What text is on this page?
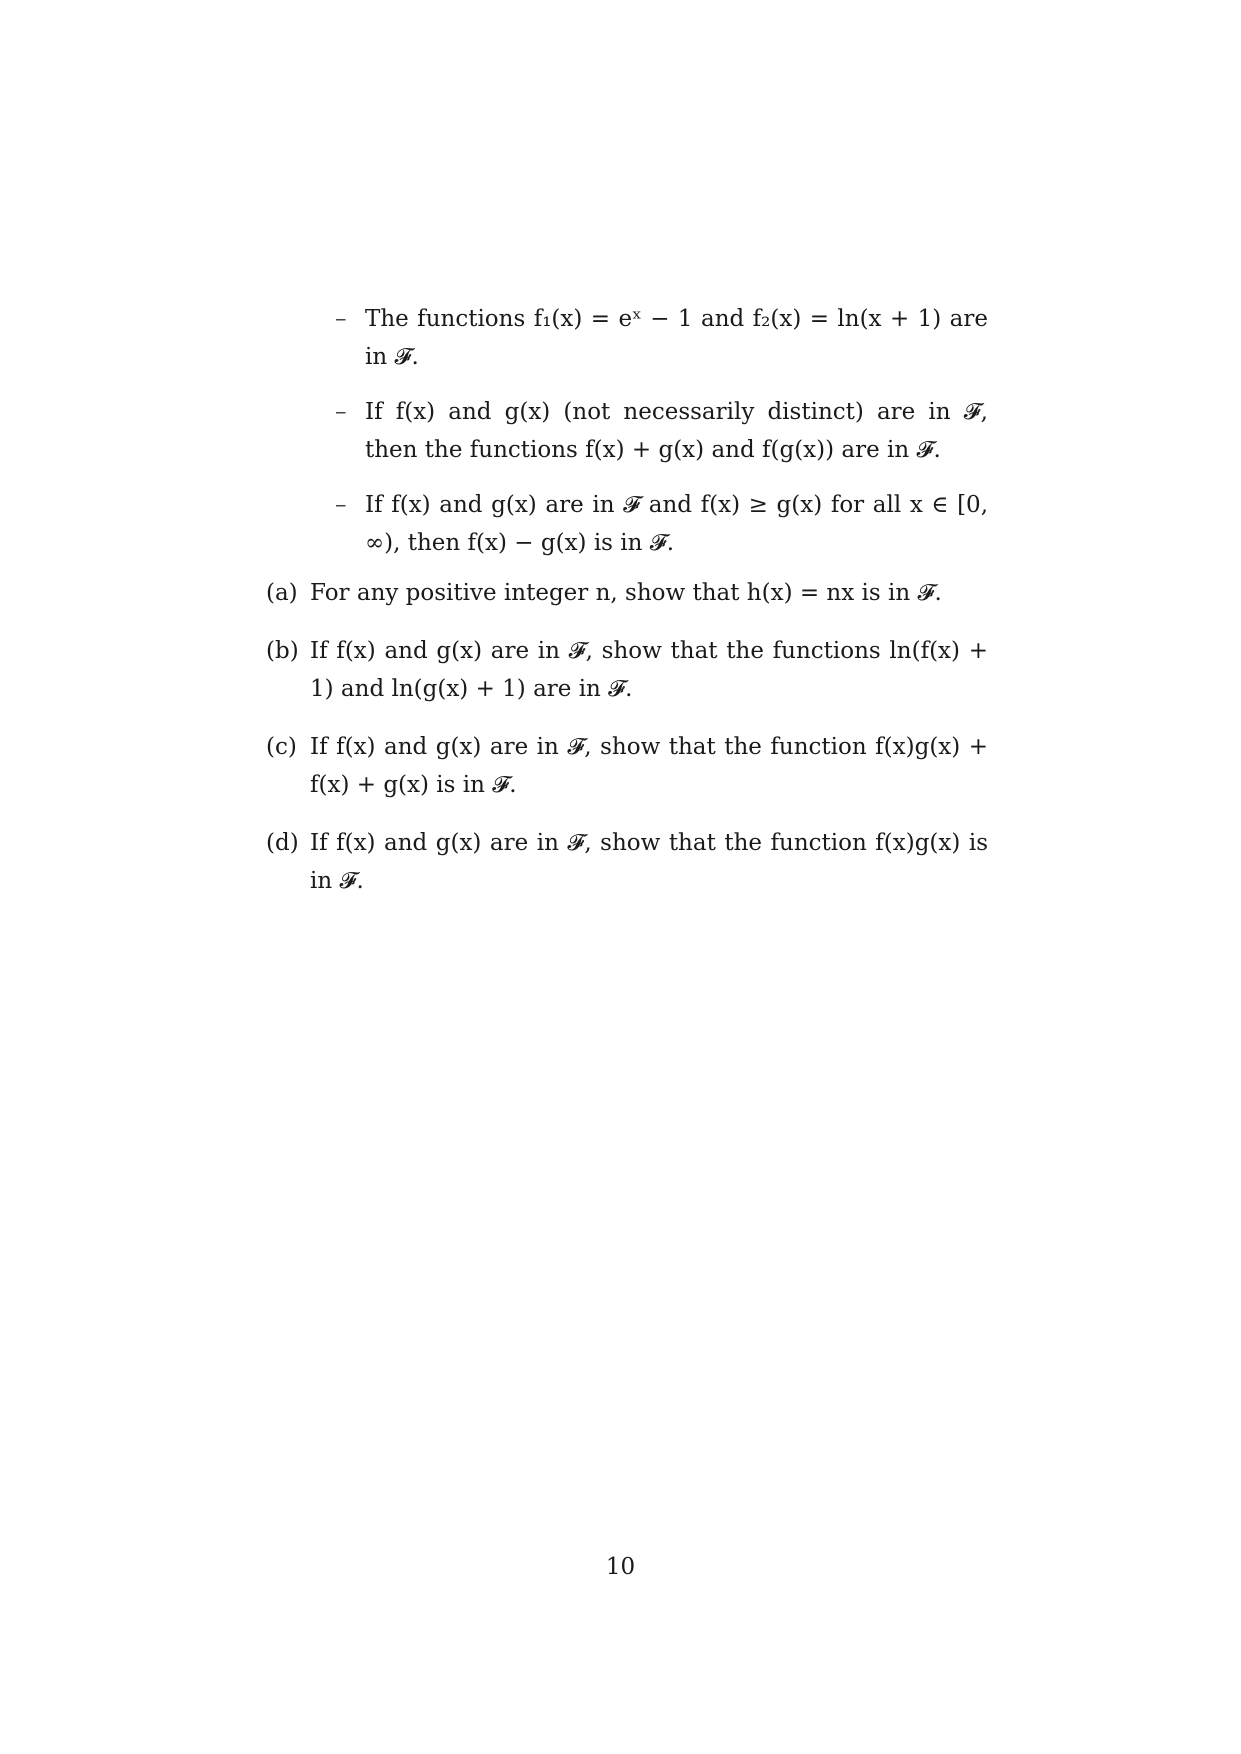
– The functions f₁(x) = eˣ − 1 and f₂(x) = ln(x + 1) are in 𝓕.
– If f(x) and g(x) (not necessarily distinct) are in 𝓕, then the functions f(x) + g(x) and f(g(x)) are in 𝓕.
– If f(x) and g(x) are in 𝓕 and f(x) ≥ g(x) for all x ∈ [0, ∞), then f(x) − g(x) is in 𝓕.
(a) For any positive integer n, show that h(x) = nx is in 𝓕.
(b) If f(x) and g(x) are in 𝓕, show that the functions ln(f(x) + 1) and ln(g(x) + 1) are in 𝓕.
(c) If f(x) and g(x) are in 𝓕, show that the function f(x)g(x) + f(x) + g(x) is in 𝓕.
(d) If f(x) and g(x) are in 𝓕, show that the function f(x)g(x) is in 𝓕.
10
